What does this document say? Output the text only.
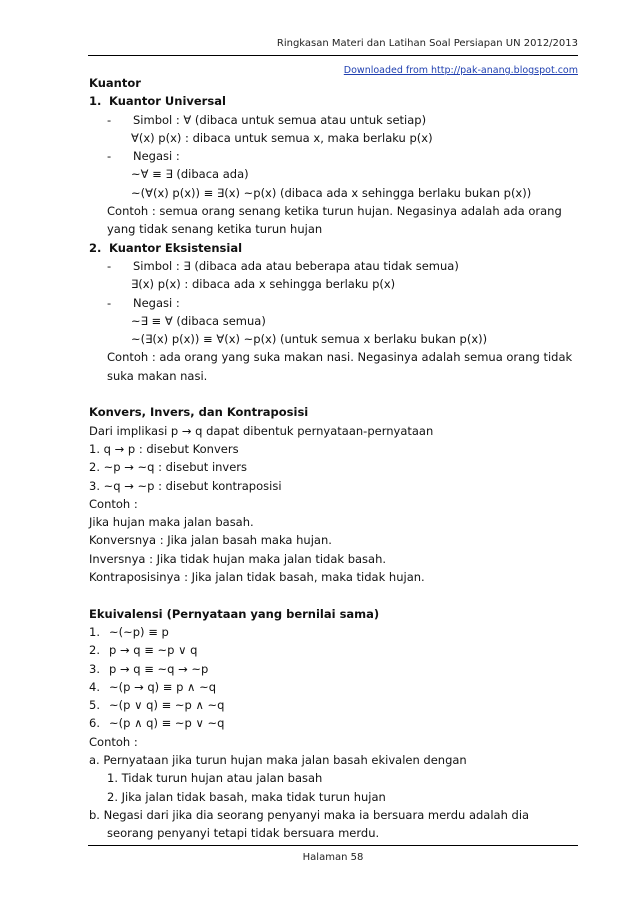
Ringkasan Materi dan Latihan Soal Persiapan UN 2012/2013
Downloaded from http://pak-anang.blogspot.com
Kuantor
1. Kuantor Universal
- Simbol : ∀ (dibaca untuk semua atau untuk setiap)
∀(x) p(x) : dibaca untuk semua x, maka berlaku p(x)
- Negasi :
~∀ ≡ ∃ (dibaca ada)
~(∀(x) p(x)) ≡ ∃(x) ~p(x) (dibaca ada x sehingga berlaku bukan p(x))
Contoh : semua orang senang ketika turun hujan. Negasinya adalah ada orang
yang tidak senang ketika turun hujan
2. Kuantor Eksistensial
- Simbol : ∃ (dibaca ada atau beberapa atau tidak semua)
∃(x) p(x) : dibaca ada x sehingga berlaku p(x)
- Negasi :
~∃ ≡ ∀ (dibaca semua)
~(∃(x) p(x)) ≡ ∀(x) ~p(x) (untuk semua x berlaku bukan p(x))
Contoh : ada orang yang suka makan nasi. Negasinya adalah semua orang tidak
suka makan nasi.
Konvers, Invers, dan Kontraposisi
Dari implikasi p → q dapat dibentuk pernyataan-pernyataan
1. q → p : disebut Konvers
2. ~p → ~q : disebut invers
3. ~q → ~p : disebut kontraposisi
Contoh :
Jika hujan maka jalan basah.
Konversnya : Jika jalan basah maka hujan.
Inversnya : Jika tidak hujan maka jalan tidak basah.
Kontraposisinya : Jika jalan tidak basah, maka tidak hujan.
Ekuivalensi (Pernyataan yang bernilai sama)
1. ~(~p) ≡ p
2. p → q ≡ ~p ∨ q
3. p → q ≡ ~q → ~p
4. ~(p → q) ≡ p ∧ ~q
5. ~(p ∨ q) ≡ ~p ∧ ~q
6. ~(p ∧ q) ≡ ~p ∨ ~q
Contoh :
a. Pernyataan jika turun hujan maka jalan basah ekivalen dengan
1. Tidak turun hujan atau jalan basah
2. Jika jalan tidak basah, maka tidak turun hujan
b. Negasi dari jika dia seorang penyanyi maka ia bersuara merdu adalah dia
seorang penyanyi tetapi tidak bersuara merdu.
Halaman 58
